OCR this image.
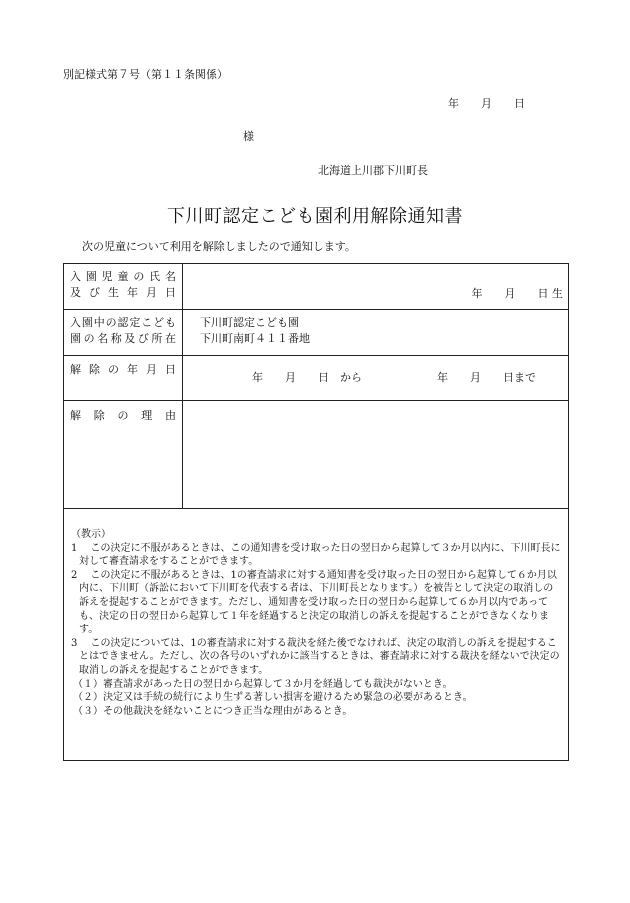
別記様式第７号（第１１条関係）
年　　月　　日
様
北海道上川郡下川町長
下川町認定こども園利用解除通知書
次の児童について利用を解除しましたので通知します。
入園児童の氏名
及び生年月日	年　　月　　日 生
入園中の認定こども
園の名称及び所在
下川町認定こども園
下川町南町４１１番地
解除の年月日
年　　月　　日　から	年　　月　　日まで
解除の理由

（教示）

1　 この決定に不服があるときは、この通知書を受け取った日の翌日から起算して３か月以内に、下川町長に対して審査請求をすることができます。

2　 この決定に不服があるときは、1の審査請求に対する通知書を受け取った日の翌日から起算して６か月以内に、下川町（訴訟において下川町を代表する者は、下川町長となります。）を被告として決定の取消しの訴えを提起することができます。ただし、通知書を受け取った日の翌日から起算して６か月以内であっても、決定の日の翌日から起算して１年を経過すると決定の取消しの訴えを提起することができなくなります。

3　 この決定については、1の審査請求に対する裁決を経た後でなければ、決定の取消しの訴えを提起することはできません。ただし、次の各号のいずれかに該当するときは、審査請求に対する裁決を経ないで決定の取消しの訴えを提起することができます。

（１）審査請求があった日の翌日から起算して３か月を経過しても裁決がないとき。

（２）決定又は手続の続行により生ずる著しい損害を避けるため緊急の必要があるとき。

（３）その他裁決を経ないことにつき正当な理由があるとき。
